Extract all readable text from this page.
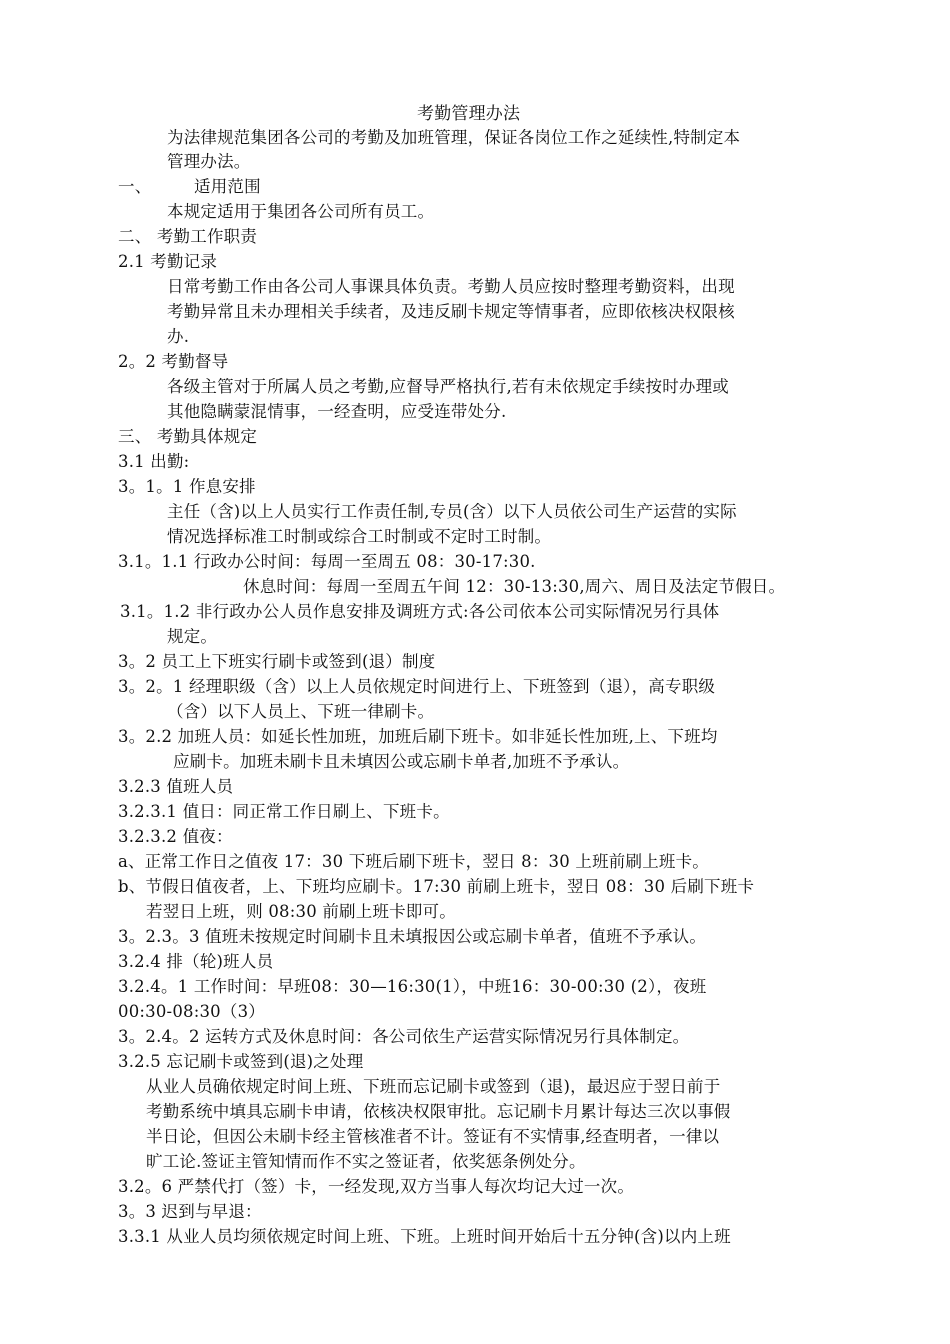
考勤管理办法

为法律规范集团各公司的考勤及加班管理，保证各岗位工作之延续性,特制定本

管理办法。

一、	适用范围

本规定适用于集团各公司所有员工。

二、 考勤工作职责

2.1 考勤记录

日常考勤工作由各公司人事课具体负责。考勤人员应按时整理考勤资料，出现

考勤异常且未办理相关手续者，及违反刷卡规定等情事者，应即依核决权限核

办.

2。2 考勤督导

各级主管对于所属人员之考勤,应督导严格执行,若有未依规定手续按时办理或

其他隐瞒蒙混情事，一经查明，应受连带处分.

三、 考勤具体规定

3.1 出勤:

3。1。1 作息安排

主任（含)以上人员实行工作责任制,专员(含）以下人员依公司生产运营的实际

情况选择标准工时制或综合工时制或不定时工时制。

3.1。1.1 行政办公时间：每周一至周五 08：30-17:30.

休息时间：每周一至周五午间 12：30-13:30,周六、周日及法定节假日。

3.1。1.2 非行政办公人员作息安排及调班方式:各公司依本公司实际情况另行具体

规定。

3。2 员工上下班实行刷卡或签到(退）制度

3。2。1 经理职级（含）以上人员依规定时间进行上、下班签到（退），高专职级

（含）以下人员上、下班一律刷卡。

3。2.2 加班人员：如延长性加班，加班后刷下班卡。如非延长性加班,上、下班均

应刷卡。加班未刷卡且未填因公或忘刷卡单者,加班不予承认。

3.2.3 值班人员

3.2.3.1 值日：同正常工作日刷上、下班卡。

3.2.3.2 值夜：

a、正常工作日之值夜 17：30 下班后刷下班卡，翌日 8：30 上班前刷上班卡。

b、节假日值夜者，上、下班均应刷卡。17:30 前刷上班卡，翌日 08：30 后刷下班卡

若翌日上班，则 08:30 前刷上班卡即可。

3。2.3。3 值班未按规定时间刷卡且未填报因公或忘刷卡单者，值班不予承认。

3.2.4 排（轮)班人员

3.2.4。1 工作时间：早班08：30—16:30(1），中班16：30-00:30 (2），夜班

00:30-08:30（3）

3。2.4。2 运转方式及休息时间：各公司依生产运营实际情况另行具体制定。

3.2.5 忘记刷卡或签到(退)之处理

从业人员确依规定时间上班、下班而忘记刷卡或签到（退)，最迟应于翌日前于

考勤系统中填具忘刷卡申请，依核决权限审批。忘记刷卡月累计每达三次以事假

半日论，但因公未刷卡经主管核准者不计。签证有不实情事,经查明者，一律以

旷工论.签证主管知情而作不实之签证者，依奖惩条例处分。

3.2。6 严禁代打（签）卡，一经发现,双方当事人每次均记大过一次。

3。3 迟到与早退：

3.3.1 从业人员均须依规定时间上班、下班。上班时间开始后十五分钟(含)以内上班
